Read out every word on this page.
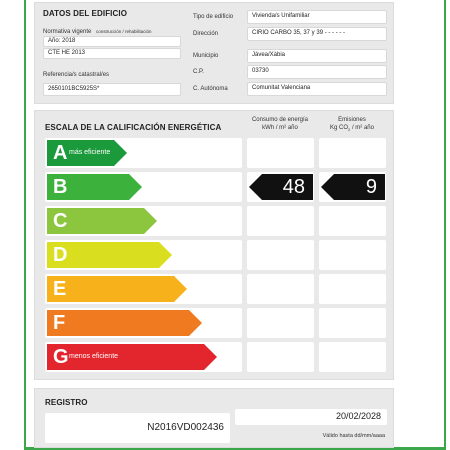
DATOS DEL EDIFICIO
Normativa vigente construcción / rehabilitación
Año: 2018
CTE HE 2013
Referencia/s catastral/es
2650101BC5925S*
Tipo de edificio	Vivienda/s Unifamiliar
Dirección	CIRIO CARBO 35, 37 y 39 - - - - - -
Municipio	Jávea/Xàbia
C.P.	03730
C. Autónoma	Comunitat Valenciana
ESCALA DE LA CALIFICACIÓN ENERGÉTICA
Consumo de energía
kWh / m² año
Emisiones
Kg $CO_2 / m^2$ año
A más eficiente
B	48	9
C
D
E
F
G menos eficiente
REGISTRO
N2016VD002436
20/02/2028
Válido hasta dd/mm/aaaa
